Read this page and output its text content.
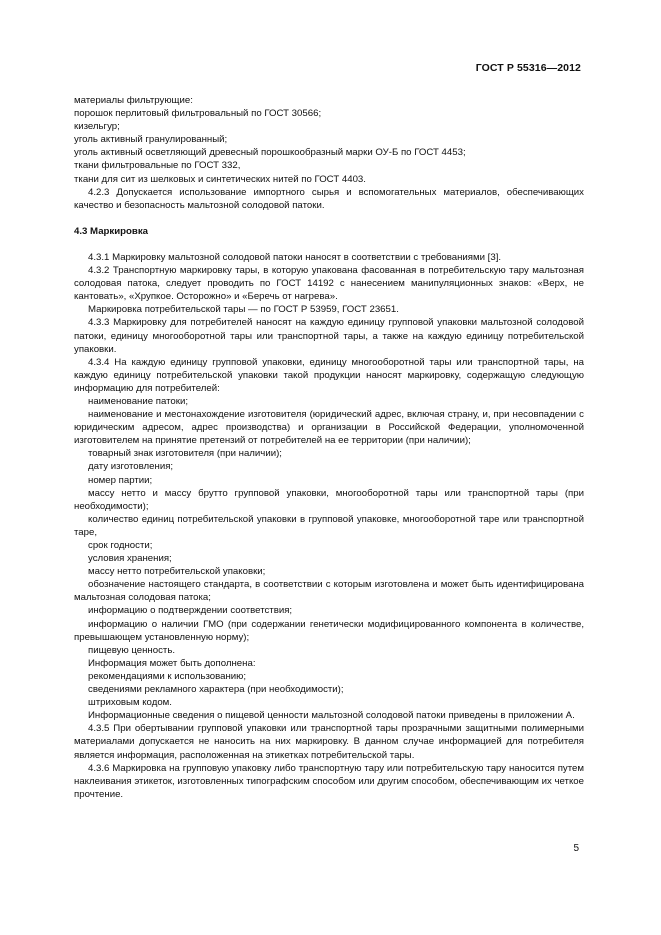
ГОСТ Р 55316—2012

материалы фильтрующие:

порошок перлитовый фильтровальный по ГОСТ 30566;

кизельгур;

уголь активный гранулированный;

уголь активный осветляющий древесный порошкообразный марки ОУ-Б по ГОСТ 4453;

ткани фильтровальные по ГОСТ 332,

ткани для сит из шелковых и синтетических нитей по ГОСТ 4403.

4.2.3 Допускается использование импортного сырья и вспомогательных материалов, обеспечивающих качество и безопасность мальтозной солодовой патоки.

4.3 Маркировка

4.3.1 Маркировку мальтозной солодовой патоки наносят в соответствии с требованиями [3].

4.3.2 Транспортную маркировку тары, в которую упакована фасованная в потребительскую тару мальтозная солодовая патока, следует проводить по ГОСТ 14192 с нанесением манипуляционных знаков: «Верх, не кантовать», «Хрупкое. Осторожно» и «Беречь от нагрева».

Маркировка потребительской тары — по ГОСТ Р 53959, ГОСТ 23651.

4.3.3 Маркировку для потребителей наносят на каждую единицу групповой упаковки мальтозной солодовой патоки, единицу многооборотной тары или транспортной тары, а также на каждую единицу потребительской упаковки.

4.3.4 На каждую единицу групповой упаковки, единицу многооборотной тары или транспортной тары, на каждую единицу потребительской упаковки такой продукции наносят маркировку, содержащую следующую информацию для потребителей:

наименование патоки;

наименование и местонахождение изготовителя (юридический адрес, включая страну, и, при несовпадении с юридическим адресом, адрес производства) и организации в Российской Федерации, уполномоченной изготовителем на принятие претензий от потребителей на ее территории (при наличии);

товарный знак изготовителя (при наличии);

дату изготовления;

номер партии;

массу нетто и массу брутто групповой упаковки, многооборотной тары или транспортной тары (при необходимости);

количество единиц потребительской упаковки в групповой упаковке, многооборотной таре или транспортной таре,

срок годности;

условия хранения;

массу нетто потребительской упаковки;

обозначение настоящего стандарта, в соответствии с которым изготовлена и может быть идентифицирована мальтозная солодовая патока;

информацию о подтверждении соответствия;

информацию о наличии ГМО (при содержании генетически модифицированного компонента в количестве, превышающем установленную норму);

пищевую ценность.

Информация может быть дополнена:

рекомендациями к использованию;

сведениями рекламного характера (при необходимости);

штриховым кодом.

Информационные сведения о пищевой ценности мальтозной солодовой патоки приведены в приложении А.

4.3.5 При обертывании групповой упаковки или транспортной тары прозрачными защитными полимерными материалами допускается не наносить на них маркировку. В данном случае информацией для потребителя является информация, расположенная на этикетках потребительской тары.

4.3.6 Маркировка на групповую упаковку либо транспортную тару или потребительскую тару наносится путем наклеивания этикеток, изготовленных типографским способом или другим способом, обеспечивающим их четкое прочтение.

5
